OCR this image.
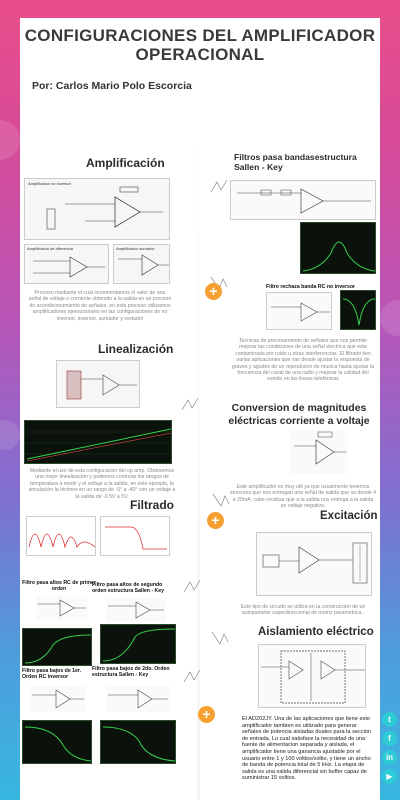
CONFIGURACIONES DEL AMPLIFICADOR OPERACIONAL
Por: Carlos Mario Polo Escorcia
Amplificación
Amplificador no inversor
Amplificador de diferencia	Amplificador sumador
Proceso mediante el cual incrementamos el valor de una señal de voltaje o corriente obtenido a la salida en un proceso de acondicionamiento de señales, en esta proceso utilizamos amplificadores operacionales en las configuraciones de no inversor, inversor, sumador y restador
Filtros pasa bandasestructura Sallen - Key
Filtro rechaza banda RC no inversor
Tecnicas de procesamiento de señales que nos permite mejorar las condiciones de una señal electrica que esta contaminada por ruido u otras interferencias. El filtrado tien varias aplicaciones que van desde ajustar la respuesta de graves y agudos de un reproductor de musica hasta ajustar la frecuencia del canal de una radio y mejorar la calidad del sonido en las lineas telefónicas
Linealización
Mediante el uso de esta configuracion del op amp. Obtenemos una mejor linealización y podemos controlar los rangos de temperatura a medir y el voltaje a la salida, en este ejemplo, la simulación la hicimos en un rango de -5° a -40° con un voltaje a la salida de -0.5V a 5V.
Conversion de magnitudes eléctricas corriente a voltaje
Este amplificador es muy util ya que usualmente tenemos sensores que nos entregan una señal de salida que va desde 4 a 20mA; cabe recalcar que a la salida nos entrega a la salida un voltaje negativo.
Filtrado
Filtro pasa altos RC de primer orden
Filtro pasa altos de segundo orden estructura Sallen - Key
Filtro pasa bajos de 1er. Orden RC inversor
Filtro pasa bajos de 2do. Orden estructura Sallen - Key
Excitación
Este tipo de circuito se utiliza en la construccion de un autoparlante superdireccional de matriz paramétrica..
Aislamiento eléctrico
El AD202JY. Una de las aplicaciones que tiene este amplificador tambien es utilizado para generar señales de potencia aisladas duales para la seccion de entrada. Lo cual satisface la necesidad de una fuente de alimentacion separada y aislada, el amplificador tiene una ganancia ajustable por el usuario entre 1 y 100 voltios/voltio, y tiene un ancho de banda de potencia total de 5 kHz. La etapa de salida es una salida diferencial sin buffer capaz de suministrar 15 voltios.
+
+
+	t
f
in
▶
